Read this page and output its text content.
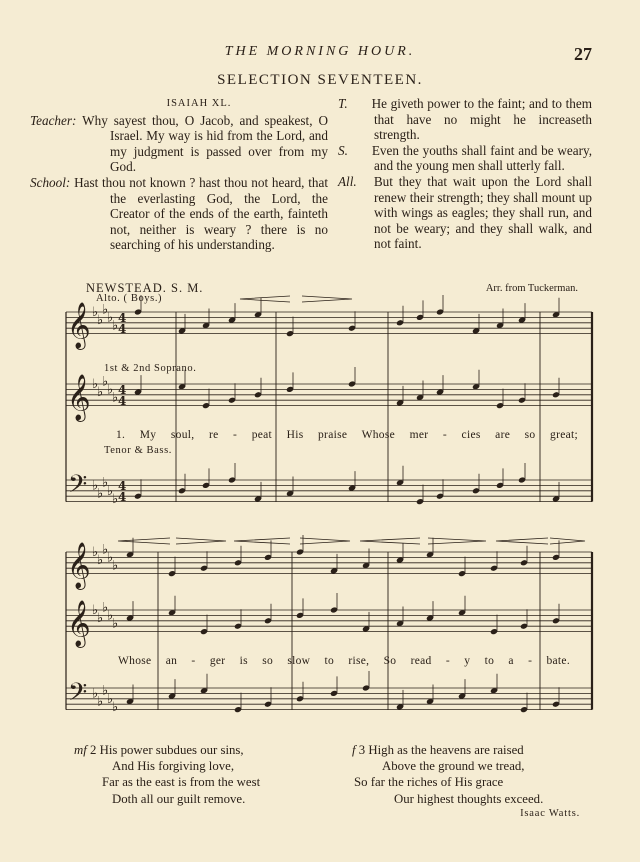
THE MORNING HOUR.	27
SELECTION SEVENTEEN.
ISAIAH XL.
Teacher: Why sayest thou, O Jacob, and speakest, O Israel. My way is hid from the Lord, and my judgment is passed over from my God.
School: Hast thou not known ? hast thou not heard, that the everlasting God, the Lord, the Creator of the ends of the earth, fainteth not, neither is weary ? there is no searching of his understanding.
T. He giveth power to the faint; and to them that have no might he increaseth strength.
S. Even the youths shall faint and be weary, and the young men shall utterly fall.
All. But they that wait upon the Lord shall renew their strength; they shall mount up with wings as eagles; they shall run, and not be weary; and they shall walk, and not faint.
NEWSTEAD. S. M.	Arr. from Tuckerman.
𝄞 ♭
♭
♭
♭
♭
4
4
𝄞 ♭
♭
♭
♭
♭
4
4
𝄢 ♭
♭
♭
♭
♭
4
4
𝄞 ♭
♭
♭
♭
♭
𝄞 ♭
♭
♭
♭
♭
𝄢 ♭
♭
♭
♭
♭
Alto. ( Boys.)
1st & 2nd Soprano.
Tenor & Bass.
1. My soul, re - peat His praise Whose mer - cies are so great;
Whose an - ger is so slow to rise, So read - y to a - bate.
mf 2 His power subdues our sins,
And His forgiving love,
Far as the east is from the west
Doth all our guilt remove.
f 3 High as the heavens are raised
Above the ground we tread,
So far the riches of His grace
Our highest thoughts exceed.
Isaac Watts.
